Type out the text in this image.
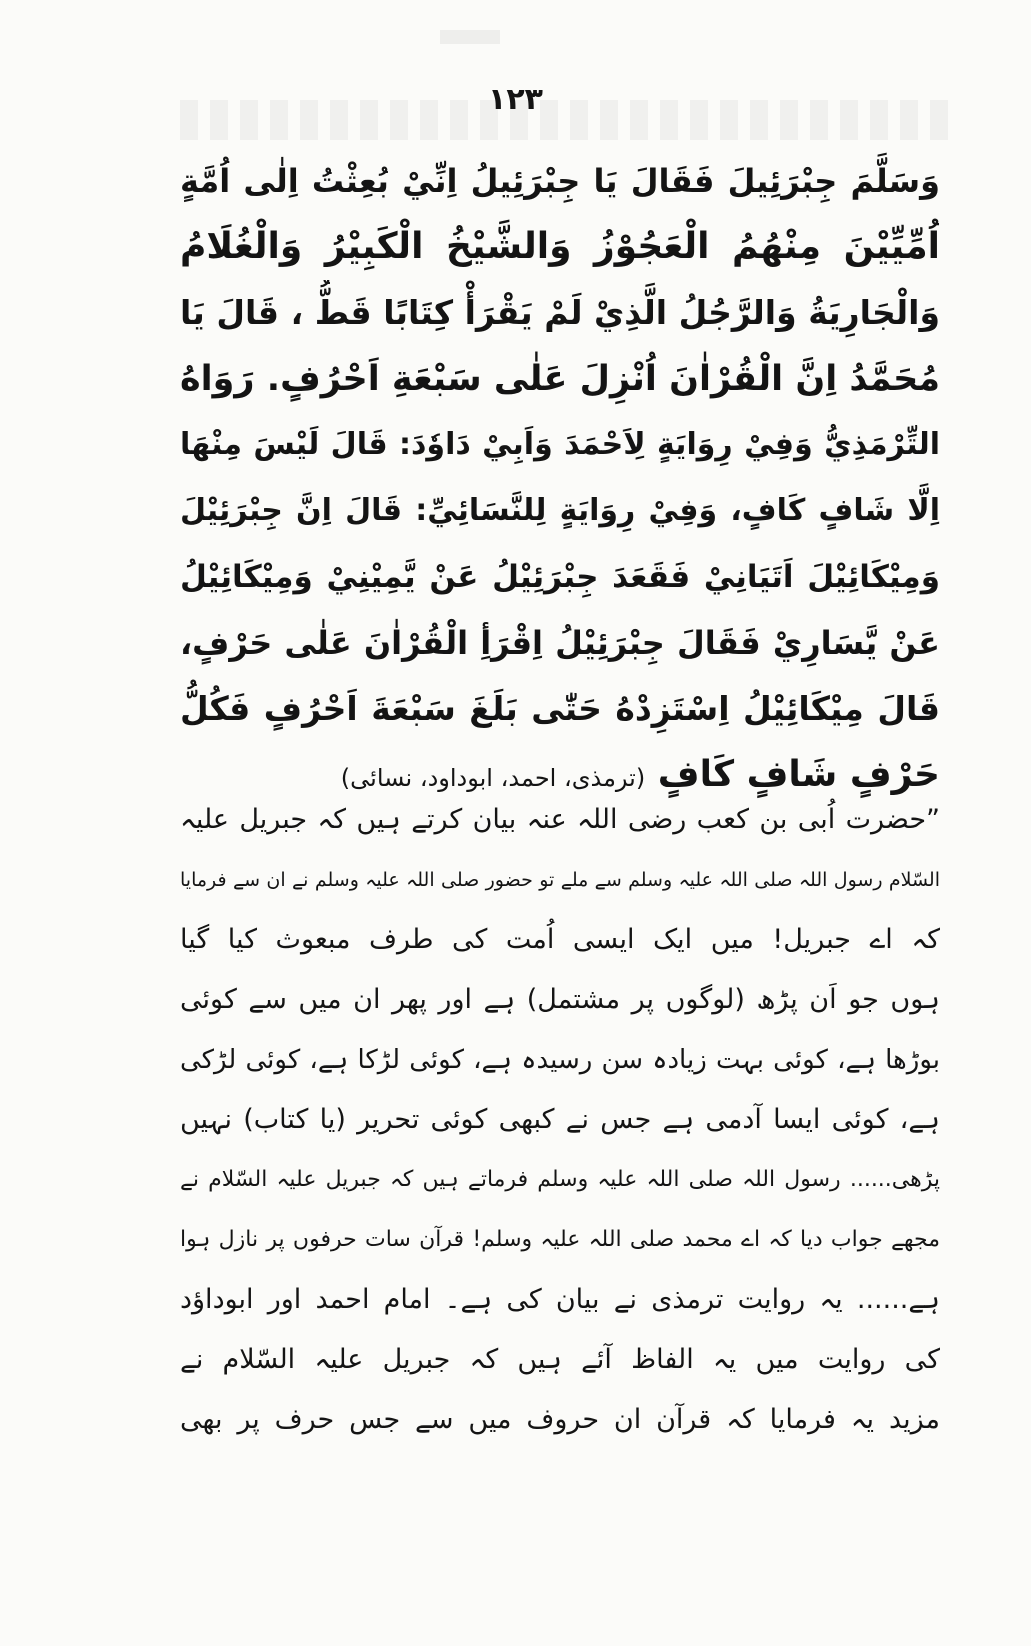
۱۲۳
وَسَلَّمَ جِبْرَئِيلَ فَقَالَ يَا جِبْرَئِيلُ اِنِّيْ بُعِثْتُ اِلٰى اُمَّةٍ
اُمِّيِّيْنَ مِنْهُمُ الْعَجُوْزُ وَالشَّيْخُ الْكَبِيْرُ وَالْغُلَامُ
وَالْجَارِيَةُ وَالرَّجُلُ الَّذِيْ لَمْ يَقْرَأْ كِتَابًا قَطُّ ، قَالَ يَا
مُحَمَّدُ اِنَّ الْقُرْاٰنَ اُنْزِلَ عَلٰى سَبْعَةِ اَحْرُفٍ. رَوَاهُ
التِّرْمَذِيُّ وَفِيْ رِوَايَةٍ لِاَحْمَدَ وَاَبِيْ دَاوٗدَ: قَالَ لَيْسَ مِنْهَا
اِلَّا شَافٍ كَافٍ، وَفِيْ رِوَايَةٍ لِلنَّسَائِيِّ: قَالَ اِنَّ جِبْرَئِيْلَ
وَمِيْكَائِيْلَ اَتَيَانِيْ فَقَعَدَ جِبْرَئِيْلُ عَنْ يَّمِيْنِيْ وَمِيْكَائِيْلُ
عَنْ يَّسَارِيْ فَقَالَ جِبْرَئِيْلُ اِقْرَأِ الْقُرْاٰنَ عَلٰى حَرْفٍ،
قَالَ مِيْكَائِيْلُ اِسْتَزِدْهُ حَتّٰى بَلَغَ سَبْعَةَ اَحْرُفٍ فَكُلُّ
حَرْفٍ شَافٍ كَافٍ (ترمذی، احمد، ابوداود، نسائی)
”حضرت اُبی بن کعب رضی اللہ عنہ بیان کرتے ہیں کہ جبریل علیہ
السّلام رسول اللہ صلی اللہ علیہ وسلم سے ملے تو حضور صلی اللہ علیہ وسلم نے ان سے فرمایا
کہ اے جبریل! میں ایک ایسی اُمت کی طرف مبعوث کیا گیا
ہوں جو اَن پڑھ (لوگوں پر مشتمل) ہے اور پھر ان میں سے کوئی
بوڑھا ہے، کوئی بہت زیادہ سن رسیدہ ہے، کوئی لڑکا ہے، کوئی لڑکی
ہے، کوئی ایسا آدمی ہے جس نے کبھی کوئی تحریر (یا کتاب) نہیں
پڑھی...... رسول اللہ صلی اللہ علیہ وسلم فرماتے ہیں کہ جبریل علیہ السّلام نے
مجھے جواب دیا کہ اے محمد صلی اللہ علیہ وسلم! قرآن سات حرفوں پر نازل ہوا
ہے...... یہ روایت ترمذی نے بیان کی ہے۔ امام احمد اور ابوداؤد
کی روایت میں یہ الفاظ آئے ہیں کہ جبریل علیہ السّلام نے
مزید یہ فرمایا کہ قرآن ان حروف میں سے جس حرف پر بھی
